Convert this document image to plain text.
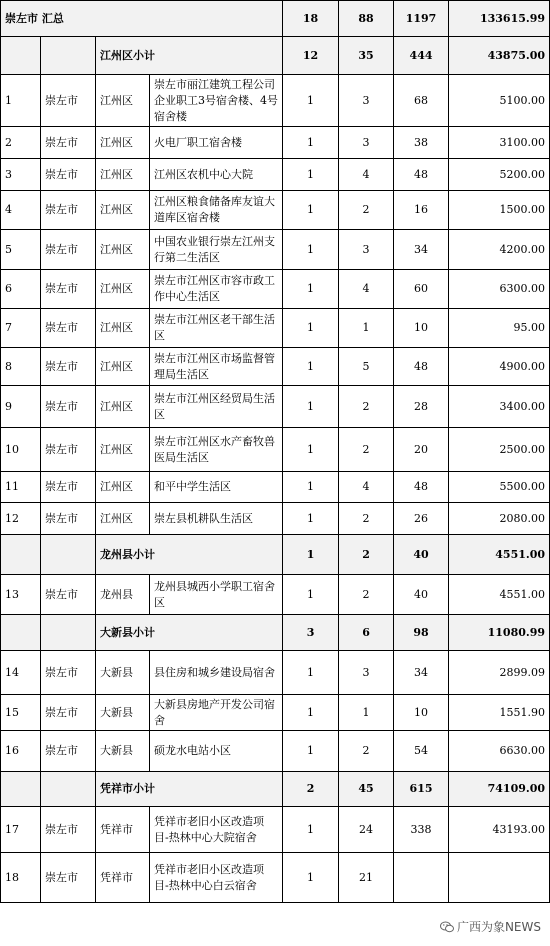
崇左市 汇总				18	88	1197	133615.99
		江州区小计		12	35	444	43875.00
1	崇左市	江州区	崇左市丽江建筑工程公司企业职工3号宿舍楼、4号宿舍楼	1	3	68	5100.00
2	崇左市	江州区	火电厂职工宿舍楼	1	3	38	3100.00
3	崇左市	江州区	江州区农机中心大院	1	4	48	5200.00
4	崇左市	江州区	江州区粮食储备库友谊大道库区宿舍楼	1	2	16	1500.00
5	崇左市	江州区	中国农业银行崇左江州支行第二生活区	1	3	34	4200.00
6	崇左市	江州区	崇左市江州区市容市政工作中心生活区	1	4	60	6300.00
7	崇左市	江州区	崇左市江州区老干部生活区	1	1	10	95.00
8	崇左市	江州区	崇左市江州区市场监督管理局生活区	1	5	48	4900.00
9	崇左市	江州区	崇左市江州区经贸局生活区	1	2	28	3400.00
10	崇左市	江州区	崇左市江州区水产畜牧兽医局生活区	1	2	20	2500.00
11	崇左市	江州区	和平中学生活区	1	4	48	5500.00
12	崇左市	江州区	崇左县机耕队生活区	1	2	26	2080.00
		龙州县小计		1	2	40	4551.00
13	崇左市	龙州县	龙州县城西小学职工宿舍区	1	2	40	4551.00
		大新县小计		3	6	98	11080.99
14	崇左市	大新县	县住房和城乡建设局宿舍	1	3	34	2899.09
15	崇左市	大新县	大新县房地产开发公司宿舍	1	1	10	1551.90
16	崇左市	大新县	硕龙水电站小区	1	2	54	6630.00
		凭祥市小计		2	45	615	74109.00
17	崇左市	凭祥市	凭祥市老旧小区改造项目-热林中心大院宿舍	1	24	338	43193.00
18	崇左市	凭祥市	凭祥市老旧小区改造项目-热林中心白云宿舍	1	21		
广西为象NEWS
